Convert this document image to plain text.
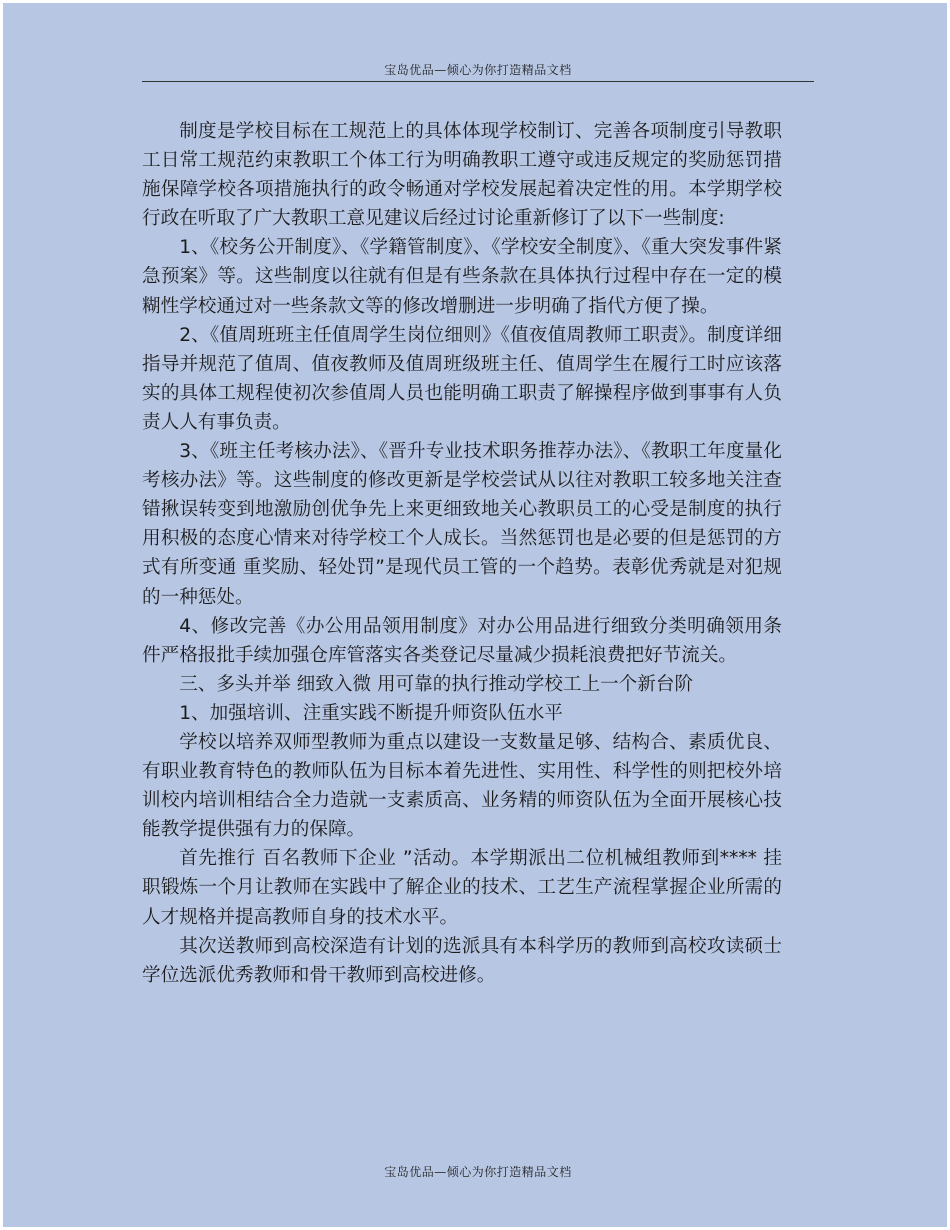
宝岛优品—倾心为你打造精品文档

制度是学校目标在工规范上的具体体现学校制订、完善各项制度引导教职工日常工规范约束教职工个体工行为明确教职工遵守或违反规定的奖励惩罚措施保障学校各项措施执行的政令畅通对学校发展起着决定性的用。本学期学校行政在听取了广大教职工意见建议后经过讨论重新修订了以下一些制度:

1、《校务公开制度》、《学籍管制度》、《学校安全制度》、《重大突发事件紧急预案》等。这些制度以往就有但是有些条款在具体执行过程中存在一定的模糊性学校通过对一些条款文等的修改增删进一步明确了指代方便了操。

2、《值周班班主任值周学生岗位细则》《值夜值周教师工职责》。制度详细指导并规范了值周、值夜教师及值周班级班主任、值周学生在履行工时应该落实的具体工规程使初次参值周人员也能明确工职责了解操程序做到事事有人负责人人有事负责。

3、《班主任考核办法》、《晋升专业技术职务推荐办法》、《教职工年度量化考核办法》等。这些制度的修改更新是学校尝试从以往对教职工较多地关注查错揪误转变到地激励创优争先上来更细致地关心教职员工的心受是制度的执行用积极的态度心情来对待学校工个人成长。当然惩罚也是必要的但是惩罚的方式有所变通 重奖励、轻处罚”是现代员工管的一个趋势。表彰优秀就是对犯规的一种惩处。

4、修改完善《办公用品领用制度》对办公用品进行细致分类明确领用条件严格报批手续加强仓库管落实各类登记尽量减少损耗浪费把好节流关。

三、多头并举 细致入微 用可靠的执行推动学校工上一个新台阶

1、加强培训、注重实践不断提升师资队伍水平

学校以培养双师型教师为重点以建设一支数量足够、结构合、素质优良、有职业教育特色的教师队伍为目标本着先进性、实用性、科学性的则把校外培训校内培训相结合全力造就一支素质高、业务精的师资队伍为全面开展核心技能教学提供强有力的保障。

首先推行 百名教师下企业 ”活动。本学期派出二位机械组教师到**** 挂职锻炼一个月让教师在实践中了解企业的技术、工艺生产流程掌握企业所需的人才规格并提高教师自身的技术水平。

其次送教师到高校深造有计划的选派具有本科学历的教师到高校攻读硕士学位选派优秀教师和骨干教师到高校进修。

宝岛优品—倾心为你打造精品文档
